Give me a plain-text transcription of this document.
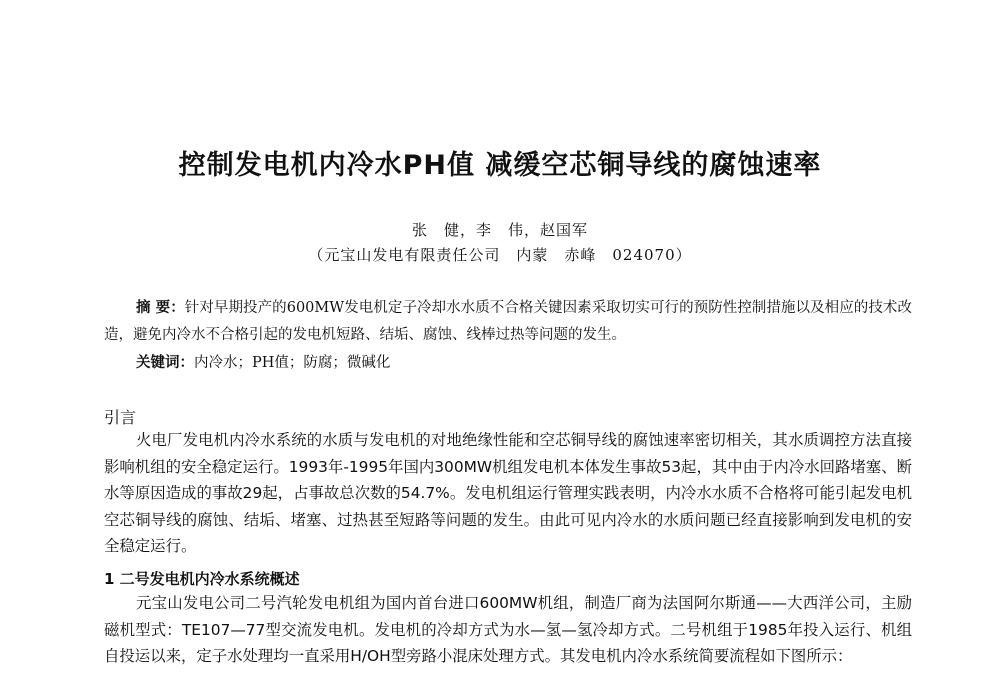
控制发电机内冷水PH值 减缓空芯铜导线的腐蚀速率
张　健，李　伟，赵国军
（元宝山发电有限责任公司　内蒙　赤峰　024070）

摘 要：针对早期投产的600MW发电机定子冷却水水质不合格关键因素采取切实可行的预防性控制措施以及相应的技术改造，避免内冷水不合格引起的发电机短路、结垢、腐蚀、线棒过热等问题的发生。

关键词：内冷水；PH值；防腐；微碱化
引言

火电厂发电机内冷水系统的水质与发电机的对地绝缘性能和空芯铜导线的腐蚀速率密切相关，其水质调控方法直接影响机组的安全稳定运行。1993年-1995年国内300MW机组发电机本体发生事故53起，其中由于内冷水回路堵塞、断水等原因造成的事故29起，占事故总次数的54.7%。发电机组运行管理实践表明，内冷水水质不合格将可能引起发电机空芯铜导线的腐蚀、结垢、堵塞、过热甚至短路等问题的发生。由此可见内冷水的水质问题已经直接影响到发电机的安全稳定运行。

1 二号发电机内冷水系统概述

元宝山发电公司二号汽轮发电机组为国内首台进口600MW机组，制造厂商为法国阿尔斯通——大西洋公司，主励磁机型式：TE107—77型交流发电机。发电机的冷却方式为水—氢—氢冷却方式。二号机组于1985年投入运行、机组自投运以来，定子水处理均一直采用H/OH型旁路小混床处理方式。其发电机内冷水系统简要流程如下图所示：
